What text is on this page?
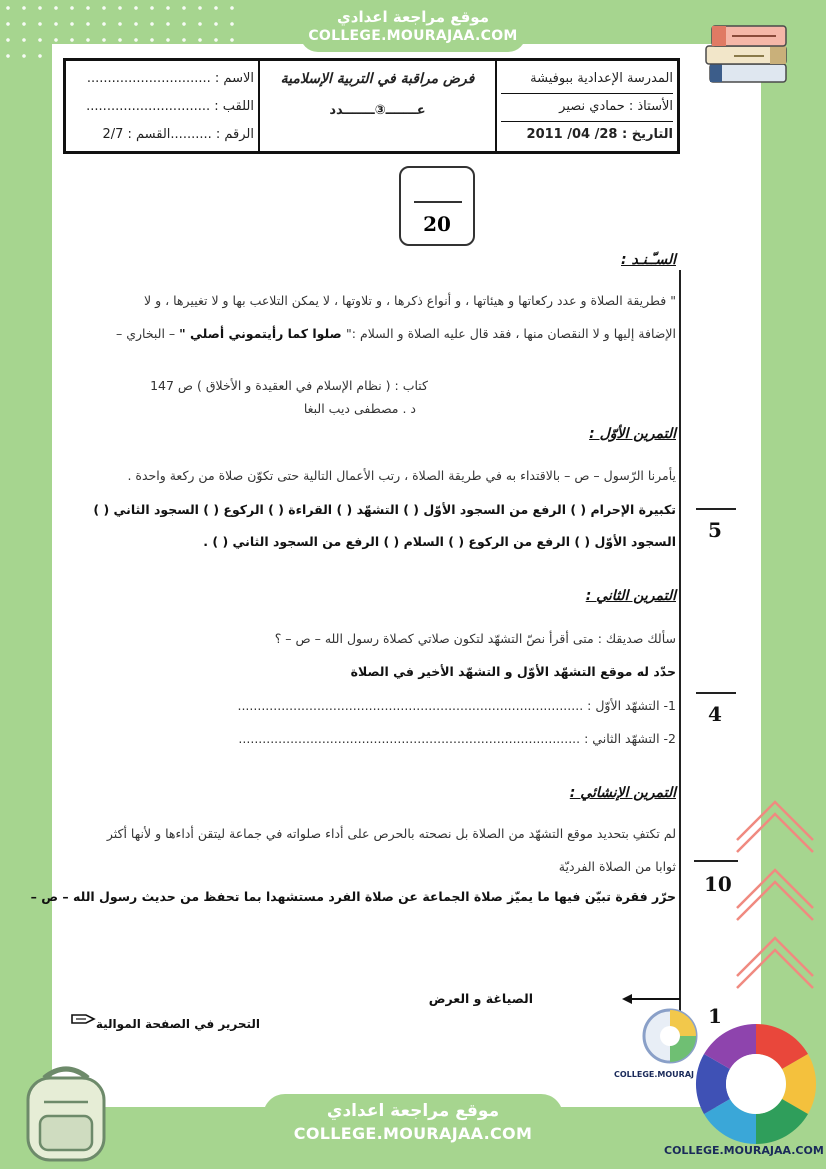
موقع مراجعة اعدادي
COLLEGE.MOURAJAA.COM
الاسم : ..............................
اللقب : ..............................
الرقم : ..........القسم : 2/7
فرض مراقبة في التربية الإسلامية
عـــــــ③ـــــــدد
المدرسة الإعدادية ببوفيشة
الأستاذ : حمادي نصير
التاريخ : 28/ 04/ 2011
20
السـّـنـد :
" فطريقة الصلاة و عدد ركعاتها و هيئاتها ، و أنواع ذكرها ، و تلاوتها ، لا يمكن التلاعب بها و لا تغييرها ، و لا
الإضافة إليها و لا النقصان منها ، فقد قال عليه الصلاة و السلام :" صلوا كما رأيتموني أصلي " – البخاري –
كتاب : ( نظام الإسلام في العقيدة و الأخلاق ) ص 147
د . مصطفى ديب البغا
التمرين الأوّل :
يأمرنا الرّسول – ص – بالاقتداء به في طريقة الصلاة ، رتب الأعمال التالية حتى تكوّن صلاة من ركعة واحدة .
تكبيرة الإحرام ( ) الرفع من السجود الأوّل ( ) التشهّد ( ) القراءة ( ) الركوع ( ) السجود الثاني ( )
السجود الأوّل ( ) الرفع من الركوع ( ) السلام ( ) الرفع من السجود الثاني ( ) . 5
التمرين الثاني :
سألك صديقك : متى أقرأ نصّ التشهّد لتكون صلاتي كصلاة رسول الله – ص – ؟
حدّد له موقع التشهّد الأوّل و التشهّد الأخير في الصلاة
1- التشهّد الأوّل : .......................................................................................
2- التشهّد الثاني : ......................................................................................
4
التمرين الإنشائي :
لم تكتفِ بتحديد موقع التشهّد من الصلاة بل نصحته بالحرص على أداء صلواته في جماعة ليتقن أداءها و لأنها أكثر
ثوابا من الصلاة الفرديّة
حرّر فقرة تبيّن فيها ما يميّز صلاة الجماعة عن صلاة الفرد مستشهدا بما تحفظ من حديث رسول الله – ص –
10
الصياغة و العرض
1
التحرير في الصفحة الموالية
COLLEGE.MOURAJ
COLLEGE.MOURAJAA.COM
موقع مراجعة اعدادي
COLLEGE.MOURAJAA.COM
